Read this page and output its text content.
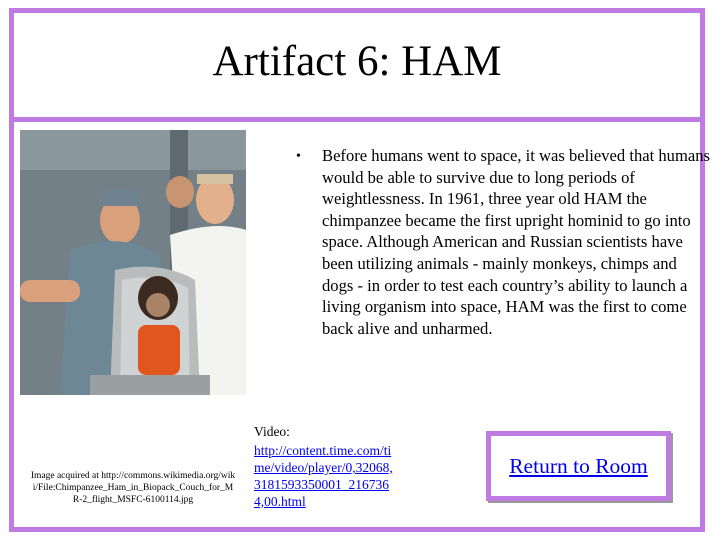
Artifact 6: HAM
Image acquired at http://commons.wikimedia.org/wiki/File:Chimpanzee_Ham_in_Biopack_Couch_for_MR-2_flight_MSFC-6100114.jpg
• Before humans went to space, it was believed that humans would be able to survive due to long periods of weightlessness. In 1961, three year old HAM the chimpanzee became the first upright hominid to go into space. Although American and Russian scientists have been utilizing animals - mainly monkeys, chimps and dogs - in order to test each country’s ability to launch a living organism into space, HAM was the first to come back alive and unharmed.
Video:
http://content.time.com/time/video/player/0,32068,3181593350001_2167364,00.html
Return to Room
